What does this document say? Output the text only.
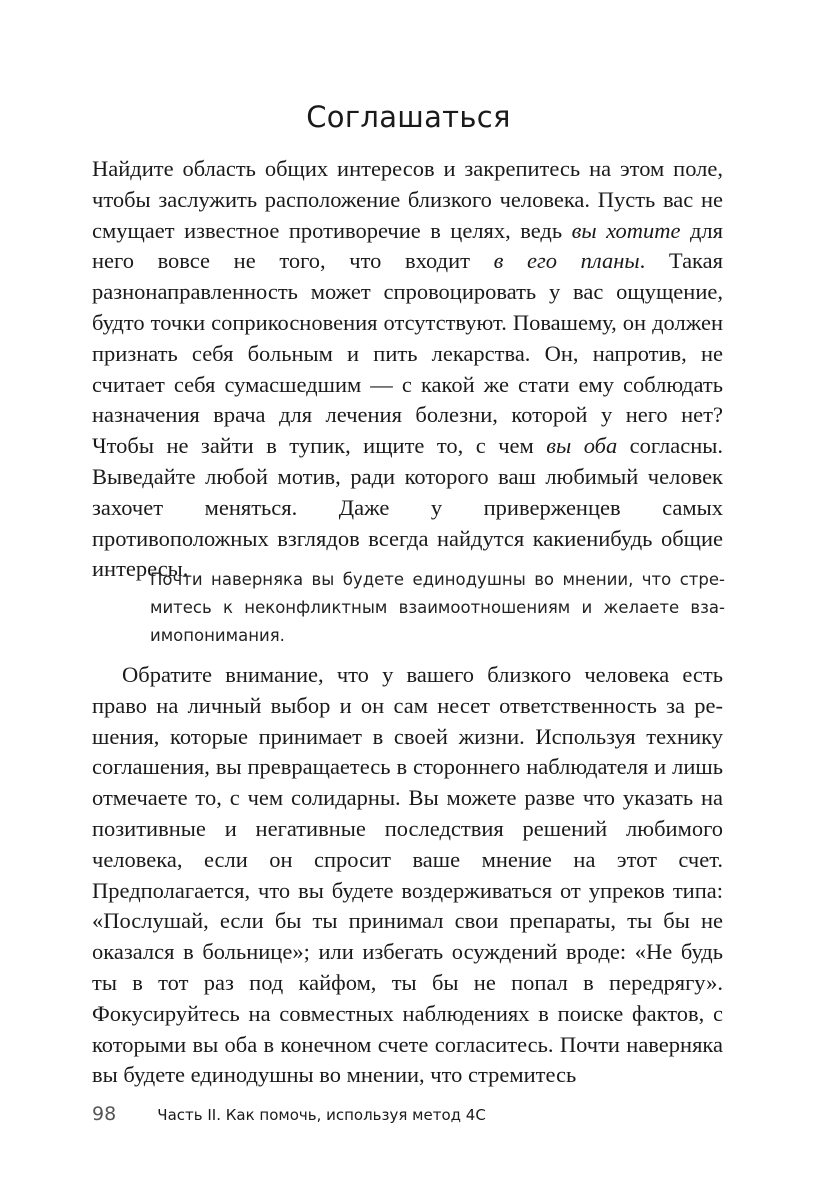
Соглашаться

Найдите область общих интересов и закрепитесь на этом поле, чтобы заслужить расположение близкого человека. Пусть вас не смущает известное противоречие в целях, ведь вы хотите для него вовсе не того, что входит в его планы. Такая разнонаправленность может спровоцировать у вас ощущение, будто точки соприкосновения отсутствуют. Повашему, он должен признать себя больным и пить лекарства. Он, напротив, не считает себя сумасшедшим — с какой же стати ему соблюдать назначения врача для лечения болезни, которой у него нет? Чтобы не зайти в тупик, ищите то, с чем вы оба согласны. Выведайте любой мотив, ради которого ваш любимый человек захочет меняться. Даже у приверженцев самых противоположных взглядов всегда найдутся какиенибудь общие интересы.

Почти наверняка вы будете единодушны во мнении, что стремитесь к неконфликтным взаимоотношениям и желаете взаимопонимания.

Обратите внимание, что у вашего близкого человека есть право на личный выбор и он сам несет ответственность за решения, которые принимает в своей жизни. Используя технику соглашения, вы превращаетесь в стороннего наблюдателя и лишь отмечаете то, с чем солидарны. Вы можете разве что указать на позитивные и негативные последствия решений любимого человека, если он спросит ваше мнение на этот счет. Предполагается, что вы будете воздерживаться от упреков типа: «Послушай, если бы ты принимал свои препараты, ты бы не оказался в больнице»; или избегать осуждений вроде: «Не будь ты в тот раз под кайфом, ты бы не попал в передрягу». Фокусируйтесь на совместных наблюдениях в поиске фактов, с которыми вы оба в конечном счете согласитесь. Почти наверняка вы будете единодушны во мнении, что стремитесь

98	Часть II. Как помочь, используя метод 4С
